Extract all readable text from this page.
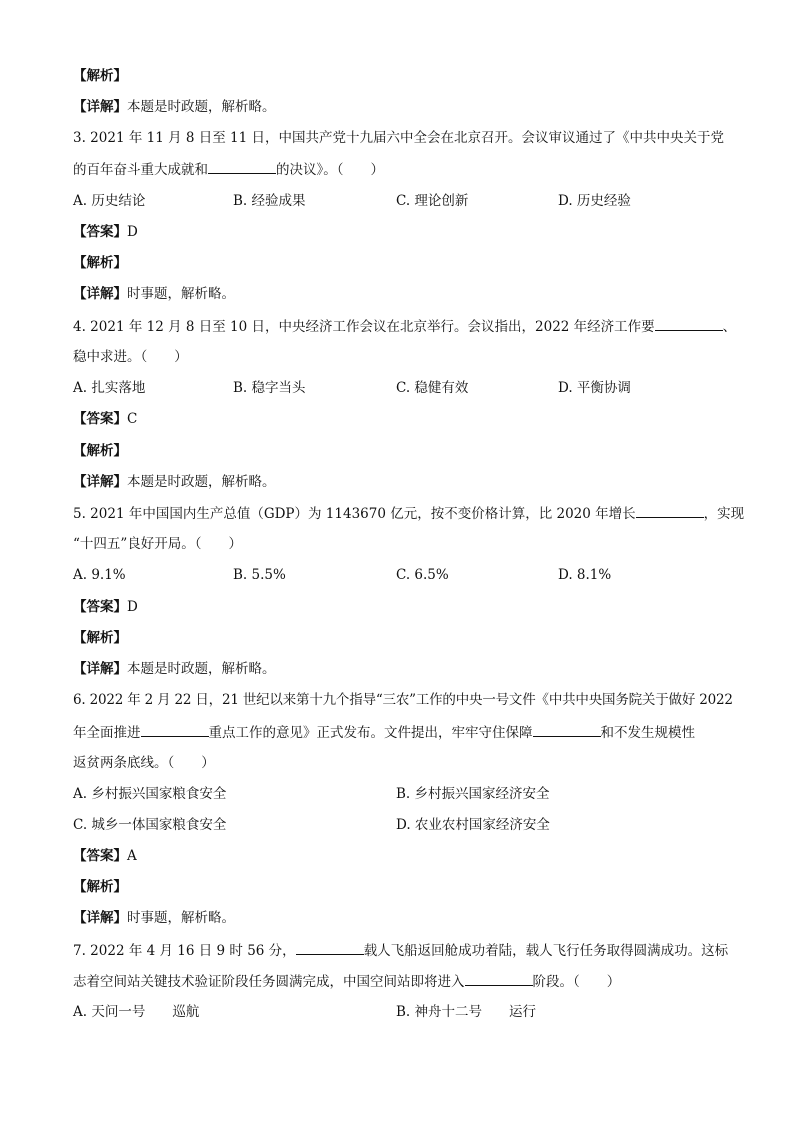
【解析】
【详解】本题是时政题，解析略。
3. 2021 年 11 月 8 日至 11 日，中国共产党十九届六中全会在北京召开。会议审议通过了《中共中央关于党
的百年奋斗重大成就和	的决议》。（　　）
A. 历史结论	B. 经验成果	C. 理论创新	D. 历史经验
【答案】D
【解析】
【详解】时事题，解析略。
4. 2021 年 12 月 8 日至 10 日，中央经济工作会议在北京举行。会议指出，2022 年经济工作要	、
稳中求进。（　　）
A. 扎实落地	B. 稳字当头	C. 稳健有效	D. 平衡协调
【答案】C
【解析】
【详解】本题是时政题，解析略。
5. 2021 年中国国内生产总值（GDP）为 1143670 亿元，按不变价格计算，比 2020 年增长	，实现
“十四五”良好开局。（　　）
A. 9.1%	B. 5.5%	C. 6.5%	D. 8.1%
【答案】D
【解析】
【详解】本题是时政题，解析略。
6. 2022 年 2 月 22 日，21 世纪以来第十九个指导“三农”工作的中央一号文件《中共中央国务院关于做好 2022
年全面推进	重点工作的意见》正式发布。文件提出，牢牢守住保障	和不发生规模性
返贫两条底线。（　　）
A. 乡村振兴国家粮食安全	B. 乡村振兴国家经济安全
C. 城乡一体国家粮食安全	D. 农业农村国家经济安全
【答案】A
【解析】
【详解】时事题，解析略。
7. 2022 年 4 月 16 日 9 时 56 分，	载人飞船返回舱成功着陆，载人飞行任务取得圆满成功。这标
志着空间站关键技术验证阶段任务圆满完成，中国空间站即将进入	阶段。（　　）
A. 天问一号　　巡航	B. 神舟十二号　　运行
